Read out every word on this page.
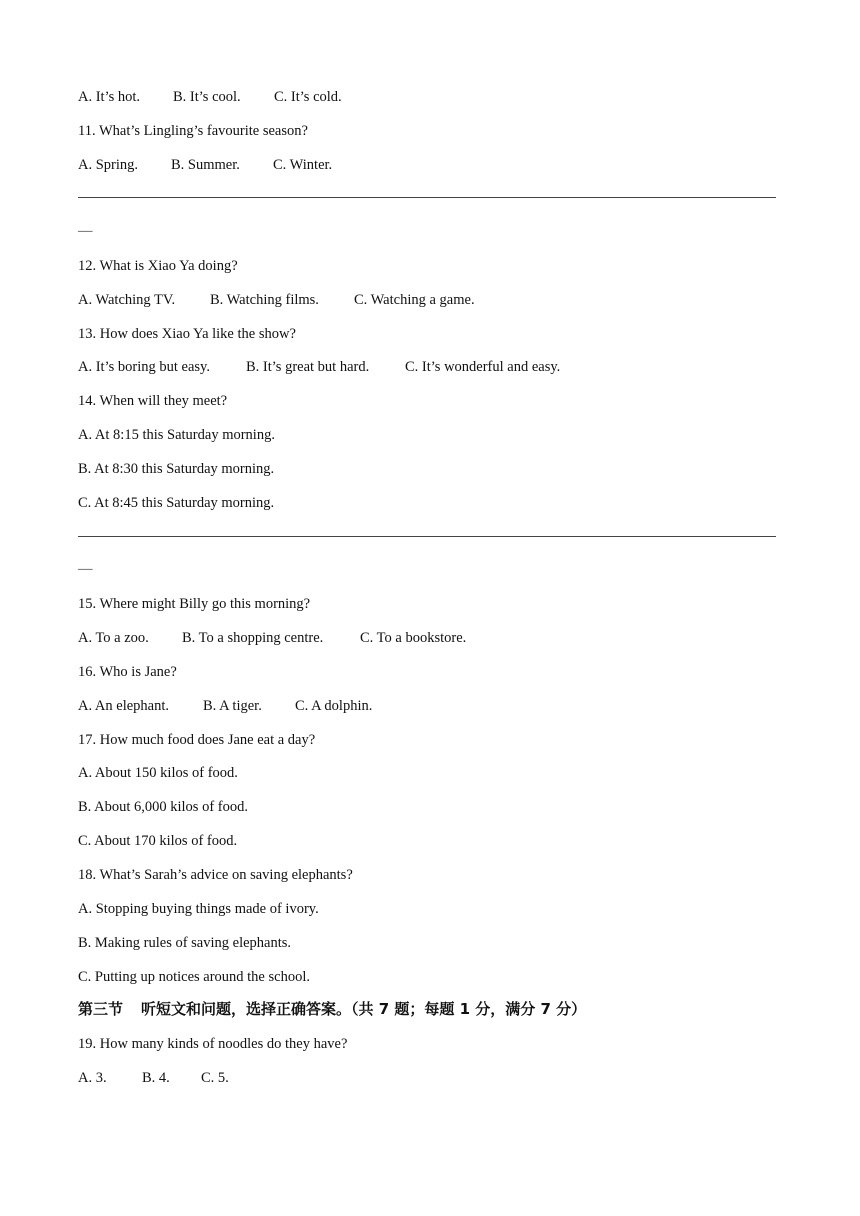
A. It’s hot. B. It’s cool. C. It’s cold.
11. What’s Lingling’s favourite season?
A. Spring. B. Summer. C. Winter.
—
12. What is Xiao Ya doing?
A. Watching TV. B. Watching films. C. Watching a game.
13. How does Xiao Ya like the show?
A. It’s boring but easy. B. It’s great but hard. C. It’s wonderful and easy.
14. When will they meet?
A. At 8:15 this Saturday morning.
B. At 8:30 this Saturday morning.
C. At 8:45 this Saturday morning.
—
15. Where might Billy go this morning?
A. To a zoo. B. To a shopping centre.	C. To a bookstore.
16. Who is Jane?
A. An elephant. B. A tiger. C. A dolphin.
17. How much food does Jane eat a day?
A. About 150 kilos of food.
B. About 6,000 kilos of food.
C. About 170 kilos of food.
18. What’s Sarah’s advice on saving elephants?
A. Stopping buying things made of ivory.
B. Making rules of saving elephants.
C. Putting up notices around the school.
第三节 听短文和问题，选择正确答案。（共 7 题；每题 1 分，满分 7 分）
19. How many kinds of noodles do they have?
A. 3. B. 4. C. 5.
